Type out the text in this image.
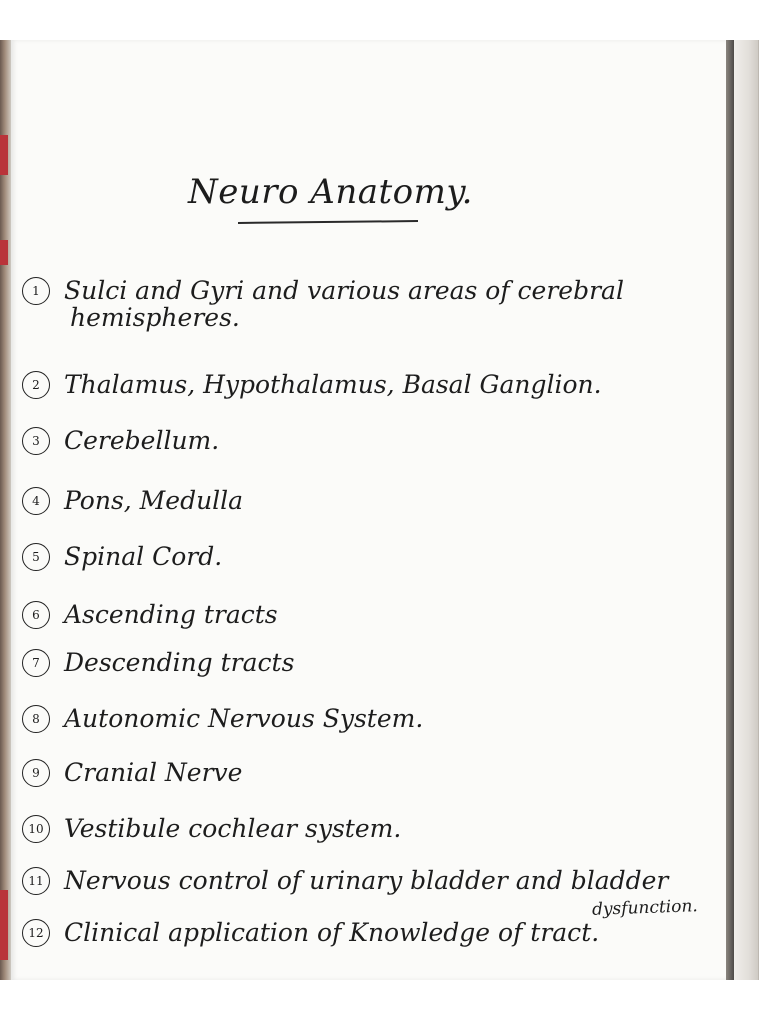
Neuro Anatomy.
1 Sulci and Gyri and various areas of cerebral
hemispheres.
2 Thalamus, Hypothalamus, Basal Ganglion.
3 Cerebellum.
4 Pons, Medulla
5 Spinal Cord.
6 Ascending tracts
7 Descending tracts
8 Autonomic Nervous System.
9 Cranial Nerve
10 Vestibule cochlear system.
11 Nervous control of urinary bladder and bladder
12 Clinical application of Knowledge of tract.
dysfunction.
